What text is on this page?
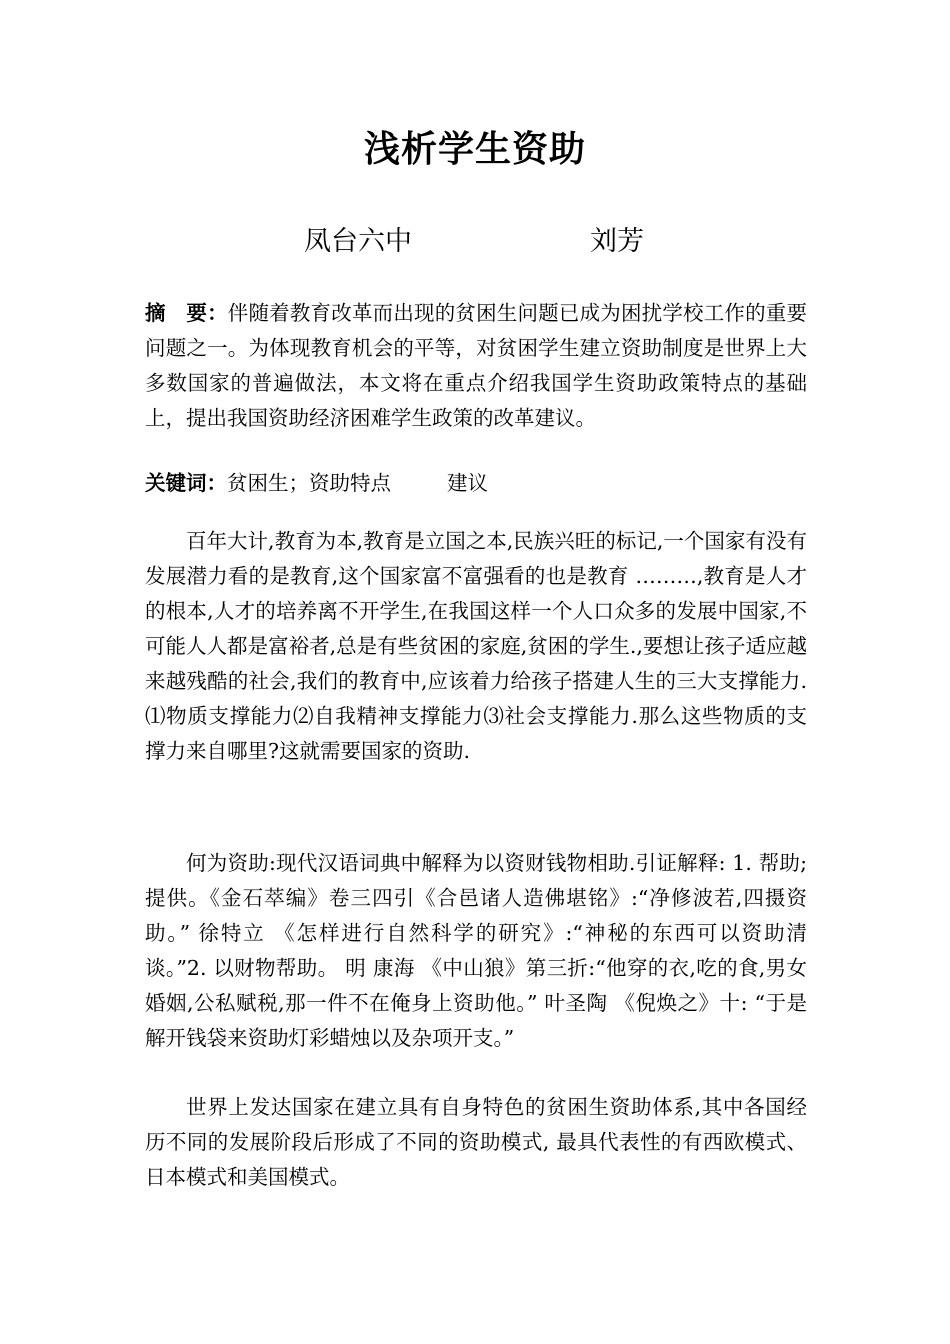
浅析学生资助
凤台六中	刘芳
摘　要：伴随着教育改革而出现的贫困生问题已成为困扰学校工作的重要问题之一。为体现教育机会的平等，对贫困学生建立资助制度是世界上大多数国家的普遍做法，本文将在重点介绍我国学生资助政策特点的基础上，提出我国资助经济困难学生政策的改革建议。
关键词：贫困生；资助特点	建议
百年大计,教育为本,教育是立国之本,民族兴旺的标记,一个国家有没有发展潜力看的是教育,这个国家富不富强看的也是教育 ………,教育是人才的根本,人才的培养离不开学生,在我国这样一个人口众多的发展中国家,不可能人人都是富裕者,总是有些贫困的家庭,贫困的学生.,要想让孩子适应越来越残酷的社会,我们的教育中,应该着力给孩子搭建人生的三大支撑能力.⑴物质支撑能力⑵自我精神支撑能力⑶社会支撑能力.那么这些物质的支撑力来自哪里?这就需要国家的资助.
何为资助:现代汉语词典中解释为以资财钱物相助.引证解释: 1. 帮助;提供。《金石萃编》卷三四引《合邑诸人造佛堪铭》:“净修波若,四摄资助。” 徐特立 《怎样进行自然科学的研究》:“神秘的东西可以资助清谈。”2. 以财物帮助。 明 康海 《中山狼》第三折:“他穿的衣,吃的食,男女婚姻,公私赋税,那一件不在俺身上资助他。” 叶圣陶 《倪焕之》十: “于是解开钱袋来资助灯彩蜡烛以及杂项开支。”
世界上发达国家在建立具有自身特色的贫困生资助体系,其中各国经历不同的发展阶段后形成了不同的资助模式, 最具代表性的有西欧模式、日本模式和美国模式。
